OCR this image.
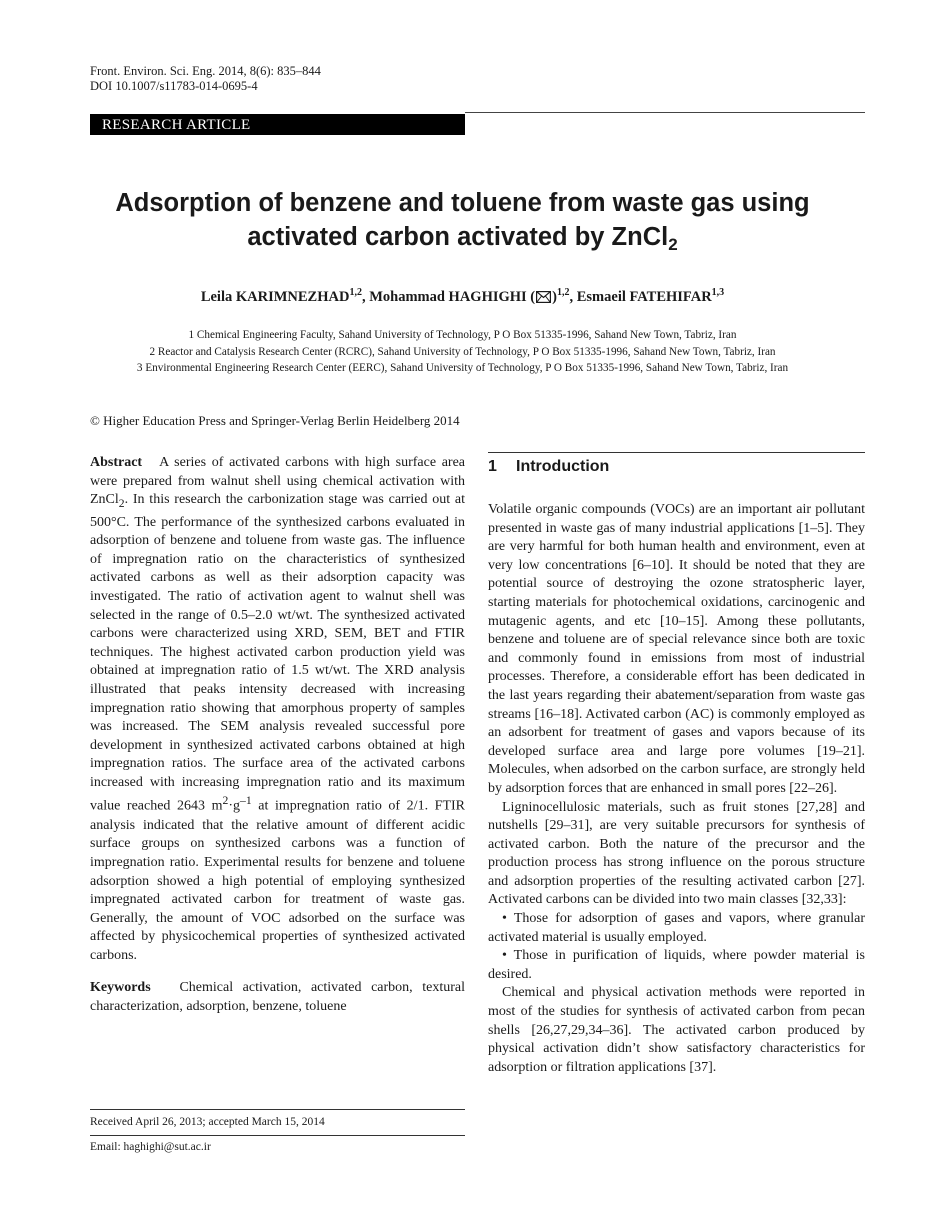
Front. Environ. Sci. Eng. 2014, 8(6): 835–844
DOI 10.1007/s11783-014-0695-4
RESEARCH ARTICLE
Adsorption of benzene and toluene from waste gas using
activated carbon activated by ZnCl$_2$
Leila KARIMNEZHAD$^{1,2}$, Mohammad HAGHIGHI ( )$^{1,2}$, Esmaeil FATEHIFAR$^{1,3}$
1 Chemical Engineering Faculty, Sahand University of Technology, P O Box 51335-1996, Sahand New Town, Tabriz, Iran
2 Reactor and Catalysis Research Center (RCRC), Sahand University of Technology, P O Box 51335-1996, Sahand New Town, Tabriz, Iran
3 Environmental Engineering Research Center (EERC), Sahand University of Technology, P O Box 51335-1996, Sahand New Town, Tabriz, Iran
© Higher Education Press and Springer-Verlag Berlin Heidelberg 2014

Abstract A series of activated carbons with high surface area were prepared from walnut shell using chemical activation with ZnCl$_2$. In this research the carbonization stage was carried out at 500°C. The performance of the synthesized carbons evaluated in adsorption of benzene and toluene from waste gas. The influence of impregnation ratio on the characteristics of synthesized activated carbons as well as their adsorption capacity was investigated. The ratio of activation agent to walnut shell was selected in the range of 0.5–2.0 wt/wt. The synthesized activated carbons were characterized using XRD, SEM, BET and FTIR techniques. The highest activated carbon production yield was obtained at impregnation ratio of 1.5 wt/wt. The XRD analysis illustrated that peaks intensity decreased with increasing impregnation ratio showing that amorphous property of samples was increased. The SEM analysis revealed successful pore development in synthesized activated carbons obtained at high impregnation ratios. The surface area of the activated carbons increased with increasing impregnation ratio and its maximum value reached 2643 $m^2\cdot g^{-1}$ at impregnation ratio of 2/1. FTIR analysis indicated that the relative amount of different acidic surface groups on synthesized carbons was a function of impregnation ratio. Experimental results for benzene and toluene adsorption showed a high potential of employing synthesized impregnated activated carbon for treatment of waste gas. Generally, the amount of VOC adsorbed on the surface was affected by physicochemical properties of synthesized activated carbons.

Keywords Chemical activation, activated carbon, textural characterization, adsorption, benzene, toluene

Received April 26, 2013; accepted March 15, 2014
Email: haghighi@sut.ac.ir
1 Introduction

Volatile organic compounds (VOCs) are an important air pollutant presented in waste gas of many industrial applications [1–5]. They are very harmful for both human health and environment, even at very low concentrations [6–10]. It should be noted that they are potential source of destroying the ozone stratospheric layer, starting materials for photochemical oxidations, carcinogenic and mutagenic agents, and etc [10–15]. Among these pollutants, benzene and toluene are of special relevance since both are toxic and commonly found in emissions from most of industrial processes. Therefore, a considerable effort has been dedicated in the last years regarding their abatement/separation from waste gas streams [16–18]. Activated carbon (AC) is commonly employed as an adsorbent for treatment of gases and vapors because of its developed surface area and large pore volumes [19–21]. Molecules, when adsorbed on the carbon surface, are strongly held by adsorption forces that are enhanced in small pores [22–26].

Ligninocellulosic materials, such as fruit stones [27,28] and nutshells [29–31], are very suitable precursors for synthesis of activated carbon. Both the nature of the precursor and the production process has strong influence on the porous structure and adsorption properties of the resulting activated carbon [27]. Activated carbons can be divided into two main classes [32,33]:

• Those for adsorption of gases and vapors, where granular activated material is usually employed.

• Those in purification of liquids, where powder material is desired.

Chemical and physical activation methods were reported in most of the studies for synthesis of activated carbon from pecan shells [26,27,29,34–36]. The activated carbon produced by physical activation didn’t show satisfactory characteristics for adsorption or filtration applications [37].
